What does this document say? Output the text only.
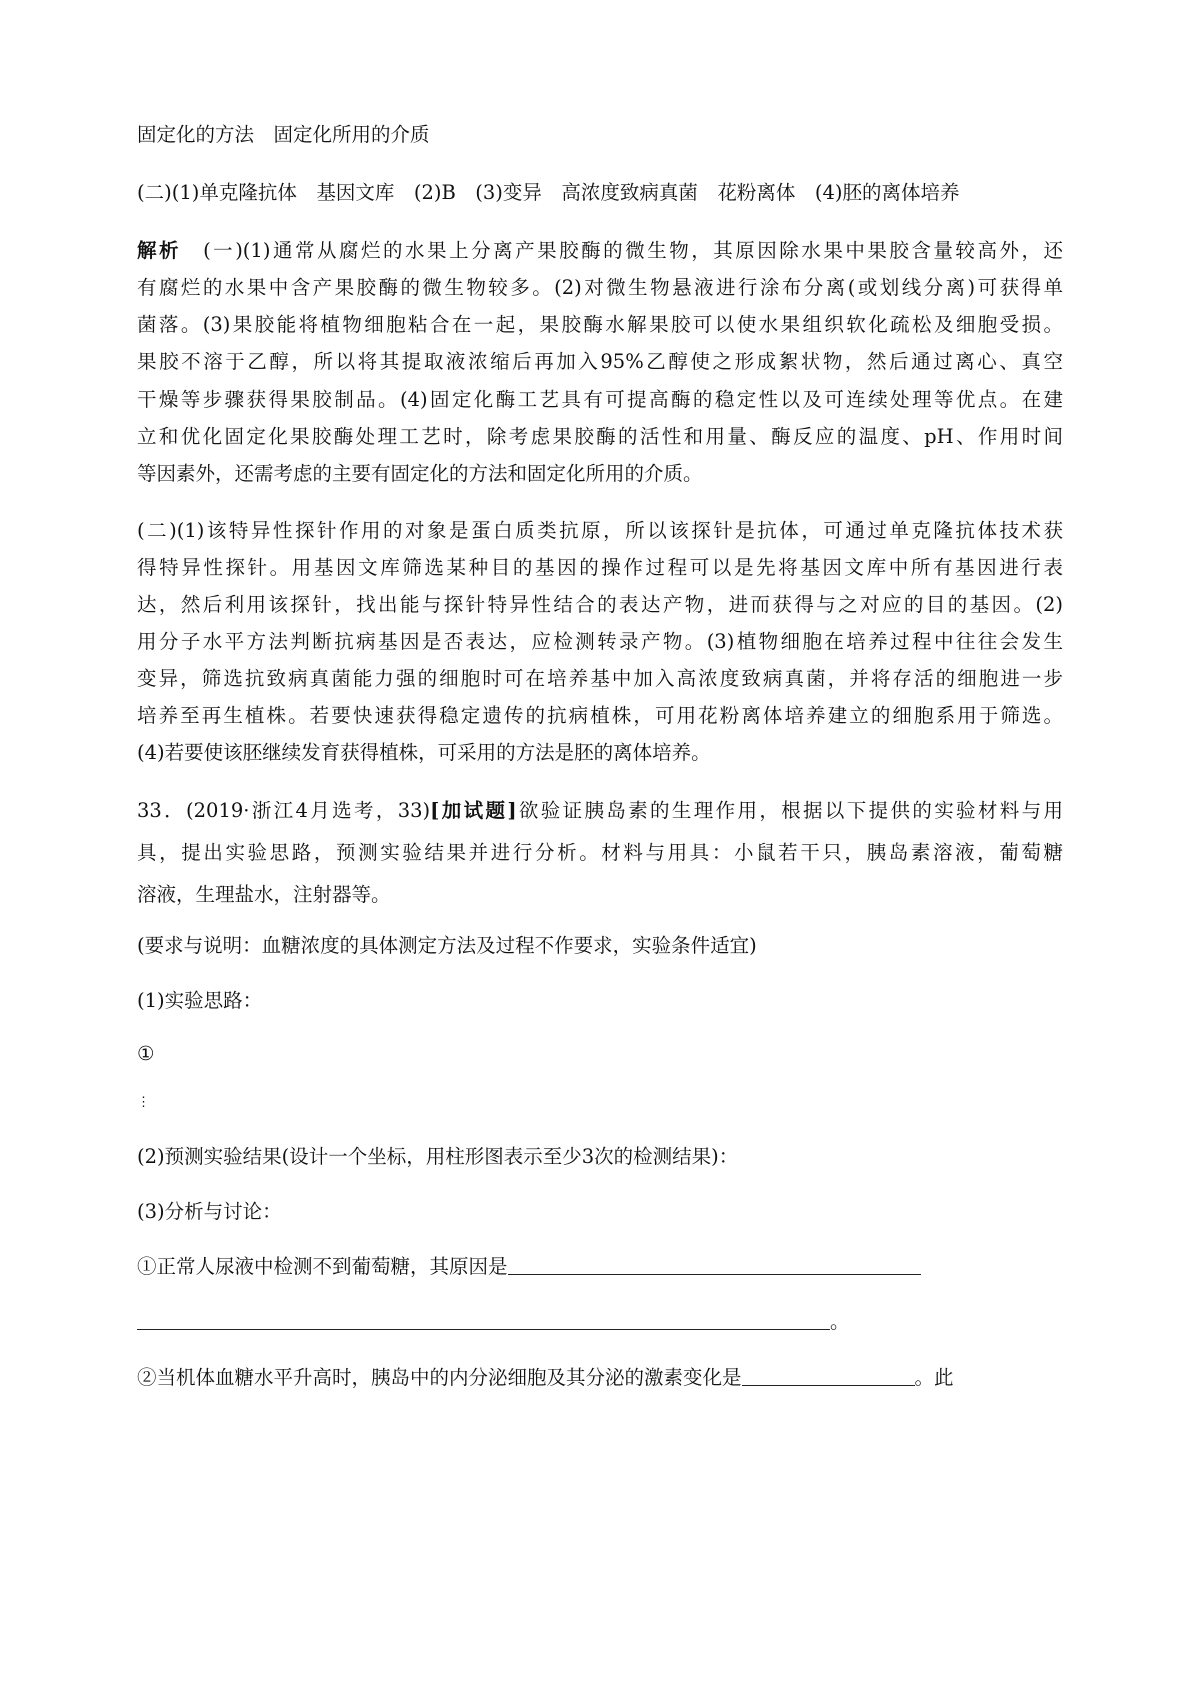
固定化的方法　固定化所用的介质
(二)(1)单克隆抗体　基因文库　(2)B　(3)变异　高浓度致病真菌　花粉离体　(4)胚的离体培养
解析　(一)(1)通常从腐烂的水果上分离产果胶酶的微生物，其原因除水果中果胶含量较高外，还
有腐烂的水果中含产果胶酶的微生物较多。(2)对微生物悬液进行涂布分离(或划线分离)可获得单
菌落。(3)果胶能将植物细胞粘合在一起，果胶酶水解果胶可以使水果组织软化疏松及细胞受损。
果胶不溶于乙醇，所以将其提取液浓缩后再加入95%乙醇使之形成絮状物，然后通过离心、真空
干燥等步骤获得果胶制品。(4)固定化酶工艺具有可提高酶的稳定性以及可连续处理等优点。在建
立和优化固定化果胶酶处理工艺时，除考虑果胶酶的活性和用量、酶反应的温度、pH、作用时间
等因素外，还需考虑的主要有固定化的方法和固定化所用的介质。
(二)(1)该特异性探针作用的对象是蛋白质类抗原，所以该探针是抗体，可通过单克隆抗体技术获
得特异性探针。用基因文库筛选某种目的基因的操作过程可以是先将基因文库中所有基因进行表
达，然后利用该探针，找出能与探针特异性结合的表达产物，进而获得与之对应的目的基因。(2)
用分子水平方法判断抗病基因是否表达，应检测转录产物。(3)植物细胞在培养过程中往往会发生
变异，筛选抗致病真菌能力强的细胞时可在培养基中加入高浓度致病真菌，并将存活的细胞进一步
培养至再生植株。若要快速获得稳定遗传的抗病植株，可用花粉离体培养建立的细胞系用于筛选。
(4)若要使该胚继续发育获得植株，可采用的方法是胚的离体培养。
33．(2019·浙江4月选考，33)[加试题]欲验证胰岛素的生理作用，根据以下提供的实验材料与用
具，提出实验思路，预测实验结果并进行分析。材料与用具：小鼠若干只，胰岛素溶液，葡萄糖
溶液，生理盐水，注射器等。
(要求与说明：血糖浓度的具体测定方法及过程不作要求，实验条件适宜)
(1)实验思路：
①
⋮
(2)预测实验结果(设计一个坐标，用柱形图表示至少3次的检测结果)：
(3)分析与讨论：
①正常人尿液中检测不到葡萄糖，其原因是
。
②当机体血糖水平升高时，胰岛中的内分泌细胞及其分泌的激素变化是	。此
